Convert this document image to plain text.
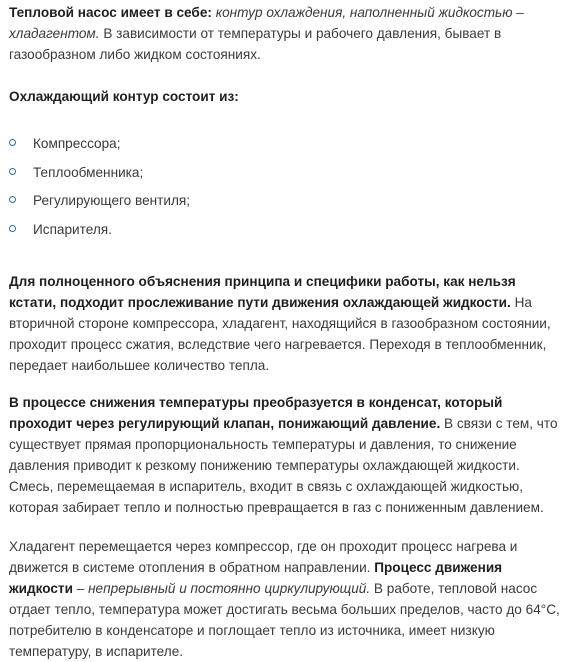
Тепловой насос имеет в себе: контур охлаждения, наполненный жидкостью – хладагентом. В зависимости от температуры и рабочего давления, бывает в газообразном либо жидком состояниях.

Охлаждающий контур состоит из:

Компрессора;
Теплообменника;
Регулирующего вентиля;
Испарителя.

Для полноценного объяснения принципа и специфики работы, как нельзя кстати, подходит прослеживание пути движения охлаждающей жидкости. На вторичной стороне компрессора, хладагент, находящийся в газообразном состоянии, проходит процесс сжатия, вследствие чего нагревается. Переходя в теплообменник, передает наибольшее количество тепла.

В процессе снижения температуры преобразуется в конденсат, который проходит через регулирующий клапан, понижающий давление. В связи с тем, что существует прямая пропорциональность температуры и давления, то снижение давления приводит к резкому понижению температуры охлаждающей жидкости. Смесь, перемещаемая в испаритель, входит в связь с охлаждающей жидкостью, которая забирает тепло и полностью превращается в газ с пониженным давлением.

Хладагент перемещается через компрессор, где он проходит процесс нагрева и движется в системе отопления в обратном направлении. Процесс движения жидкости – непрерывный и постоянно циркулирующий. В работе, тепловой насос отдает тепло, температура может достигать весьма больших пределов, часто до 64°C, потребителю в конденсаторе и поглощает тепло из источника, имеет низкую температуру, в испарителе.
